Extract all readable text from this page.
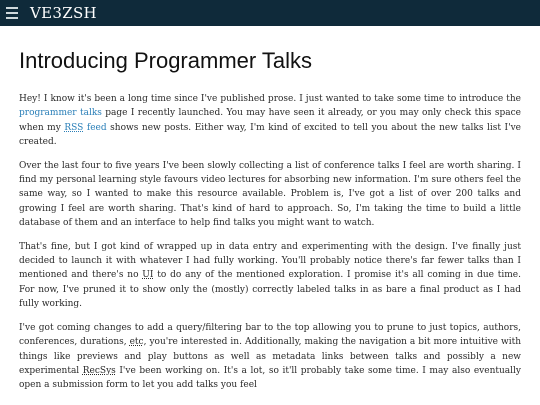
VE3ZSH
Introducing Programmer Talks

Hey! I know it's been a long time since I've published prose. I just wanted to take some time to introduce the programmer talks page I recently launched. You may have seen it already, or you may only check this space when my RSS feed shows new posts. Either way, I'm kind of excited to tell you about the new talks list I've created.

Over the last four to five years I've been slowly collecting a list of conference talks I feel are worth sharing. I find my personal learning style favours video lectures for absorbing new information. I'm sure others feel the same way, so I wanted to make this resource available. Problem is, I've got a list of over 200 talks and growing I feel are worth sharing. That's kind of hard to approach. So, I'm taking the time to build a little database of them and an interface to help find talks you might want to watch.

That's fine, but I got kind of wrapped up in data entry and experimenting with the design. I've finally just decided to launch it with whatever I had fully working. You'll probably notice there's far fewer talks than I mentioned and there's no UI to do any of the mentioned exploration. I promise it's all coming in due time. For now, I've pruned it to show only the (mostly) correctly labeled talks in as bare a final product as I had fully working.

I've got coming changes to add a query/filtering bar to the top allowing you to prune to just topics, authors, conferences, durations, etc, you're interested in. Additionally, making the navigation a bit more intuitive with things like previews and play buttons as well as metadata links between talks and possibly a new experimental RecSys I've been working on. It's a lot, so it'll probably take some time. I may also eventually open a submission form to let you add talks you feel
